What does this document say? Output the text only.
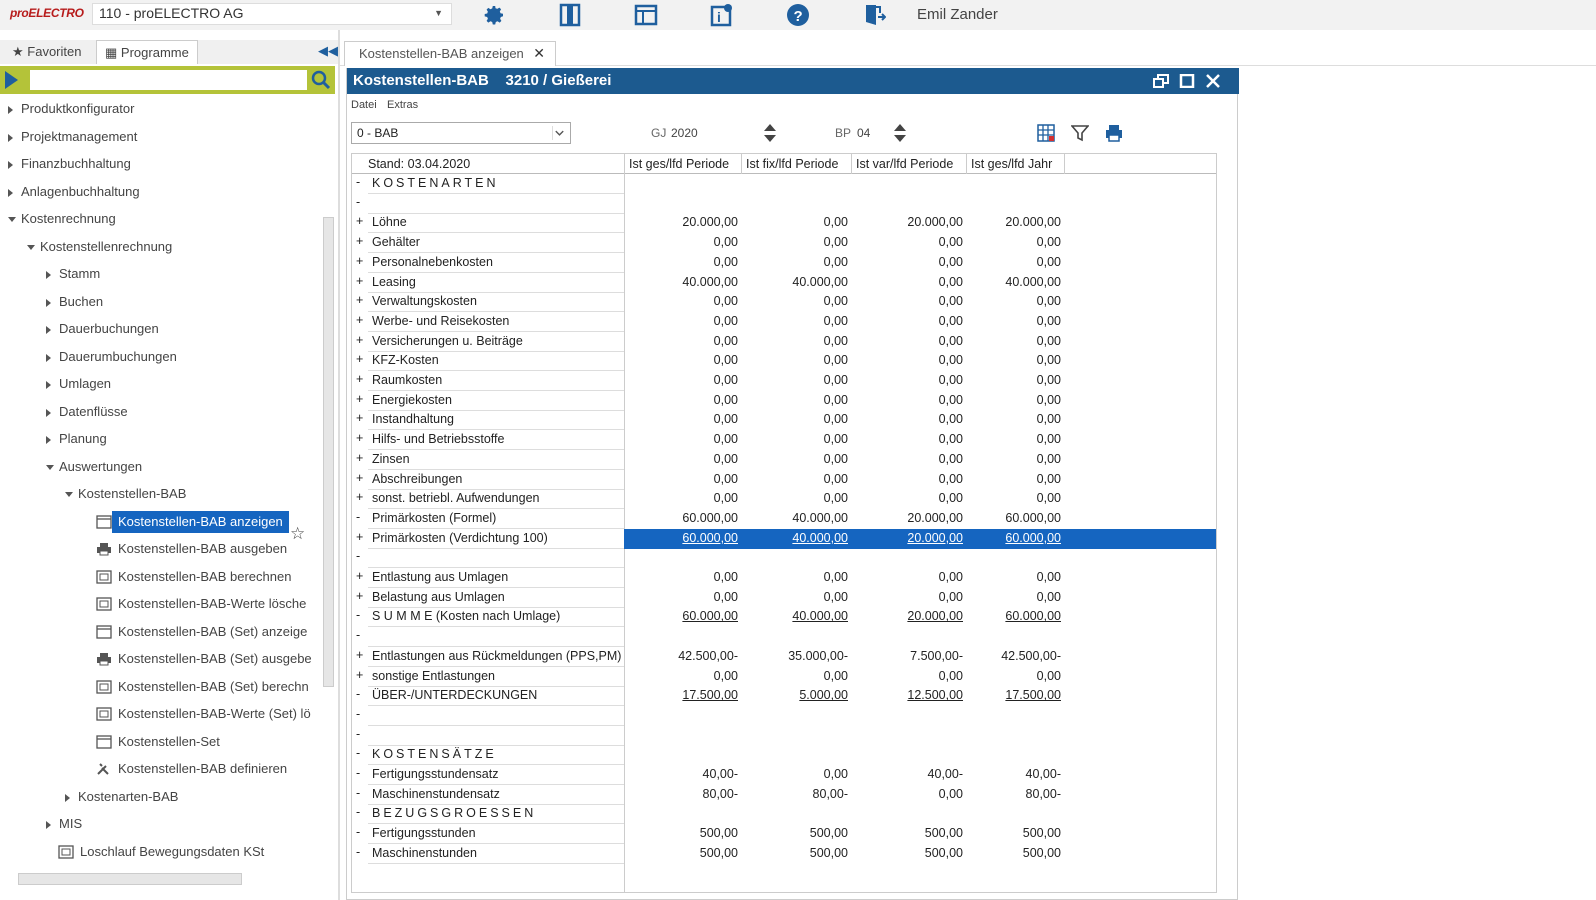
proELECTRO	110 - proELECTRO AG	▼	i	?	Emil Zander
★ Favoriten	▦ Programme	◀◀
Produktkonfigurator
Projektmanagement
Finanzbuchhaltung
Anlagenbuchhaltung
Kostenrechnung
Kostenstellenrechnung
Stamm
Buchen
Dauerbuchungen
Dauerumbuchungen
Umlagen
Datenflüsse
Planung
Auswertungen
Kostenstellen-BAB
Kostenstellen-BAB anzeigen
Kostenstellen-BAB ausgeben
Kostenstellen-BAB berechnen
Kostenstellen-BAB-Werte lösche
Kostenstellen-BAB (Set) anzeige
Kostenstellen-BAB (Set) ausgebe
Kostenstellen-BAB (Set) berechn
Kostenstellen-BAB-Werte (Set) lö
Kostenstellen-Set
Kostenstellen-BAB definieren
Kostenarten-BAB
MIS
Loschlauf Bewegungsdaten KSt
☆
Kostenstellen-BAB anzeigen ✕
Kostenstellen-BAB    3210 / Gießerei
Datei Extras
0 - BAB	GJ 2020	BP 04
Stand: 03.04.2020	Ist ges/lfd Periode	Ist fix/lfd Periode	Ist var/lfd Periode	Ist ges/lfd Jahr
- KOSTENARTEN
-
+ Löhne	20.000,00	0,00	20.000,00	20.000,00
+ Gehälter	0,00	0,00	0,00	0,00
+ Personalnebenkosten	0,00	0,00	0,00	0,00
+ Leasing	40.000,00	40.000,00	0,00	40.000,00
+ Verwaltungskosten	0,00	0,00	0,00	0,00
+ Werbe- und Reisekosten	0,00	0,00	0,00	0,00
+ Versicherungen u. Beiträge	0,00	0,00	0,00	0,00
+ KFZ-Kosten	0,00	0,00	0,00	0,00
+ Raumkosten	0,00	0,00	0,00	0,00
+ Energiekosten	0,00	0,00	0,00	0,00
+ Instandhaltung	0,00	0,00	0,00	0,00
+ Hilfs- und Betriebsstoffe	0,00	0,00	0,00	0,00
+ Zinsen	0,00	0,00	0,00	0,00
+ Abschreibungen	0,00	0,00	0,00	0,00
+ sonst. betriebl. Aufwendungen	0,00	0,00	0,00	0,00
- Primärkosten (Formel)	60.000,00	40.000,00	20.000,00	60.000,00
+ Primärkosten (Verdichtung 100)	60.000,00	40.000,00	20.000,00	60.000,00
-
+ Entlastung aus Umlagen	0,00	0,00	0,00	0,00
+ Belastung aus Umlagen	0,00	0,00	0,00	0,00
- S U M M E (Kosten nach Umlage)	60.000,00	40.000,00	20.000,00	60.000,00
-
+ Entlastungen aus Rückmeldungen (PPS,PM)	42.500,00-	35.000,00-	7.500,00-	42.500,00-
+ sonstige Entlastungen	0,00	0,00	0,00	0,00
- ÜBER-/UNTERDECKUNGEN	17.500,00	5.000,00	12.500,00	17.500,00
-
-
- KOSTENSÄTZE
- Fertigungsstundensatz	40,00-	0,00	40,00-	40,00-
- Maschinenstundensatz	80,00-	80,00-	0,00	80,00-
- BEZUGSGROESSEN
- Fertigungsstunden	500,00	500,00	500,00	500,00
- Maschinenstunden	500,00	500,00	500,00	500,00
